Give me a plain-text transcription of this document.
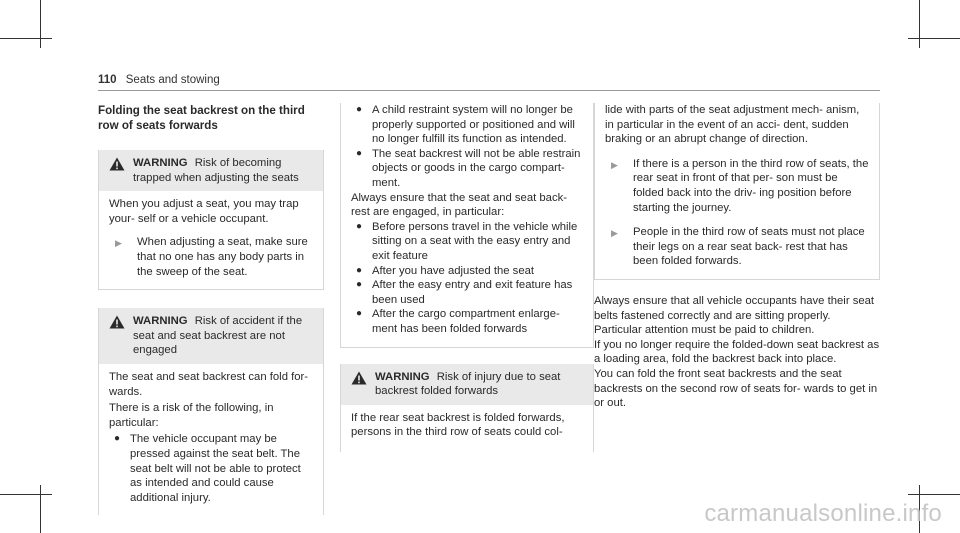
110 Seats and stowing
Folding the seat backrest on the third row of seats forwards
WARNING Risk of becoming trapped when adjusting the seats

When you adjust a seat, you may trap your- self or a vehicle occupant.

▶	When adjusting a seat, make sure that no one has any body parts in the sweep of the seat.
WARNING Risk of accident if the seat and seat backrest are not engaged

The seat and seat backrest can fold for- wards.

There is a risk of the following, in particular:

● The vehicle occupant may be pressed against the seat belt. The seat belt will not be able to protect as intended and could cause additional injury.
● A child restraint system will no longer be properly supported or positioned and will no longer fulfill its function as intended.
● The seat backrest will not be able restrain objects or goods in the cargo compart- ment.

Always ensure that the seat and seat back- rest are engaged, in particular:

● Before persons travel in the vehicle while sitting on a seat with the easy entry and exit feature
● After you have adjusted the seat
● After the easy entry and exit feature has been used
● After the cargo compartment enlarge- ment has been folded forwards
WARNING Risk of injury due to seat backrest folded forwards

If the rear seat backrest is folded forwards, persons in the third row of seats could col-

lide with parts of the seat adjustment mech- anism, in particular in the event of an acci- dent, sudden braking or an abrupt change of direction.

▶	If there is a person in the third row of seats, the rear seat in front of that per- son must be folded back into the driv- ing position before starting the journey.
▶	People in the third row of seats must not place their legs on a rear seat back- rest that has been folded forwards.

Always ensure that all vehicle occupants have their seat belts fastened correctly and are sitting properly. Particular attention must be paid to children.

If you no longer require the folded-down seat backrest as a loading area, fold the backrest back into place.

You can fold the front seat backrests and the seat backrests on the second row of seats for- wards to get in or out.

carmanualsonline.info
